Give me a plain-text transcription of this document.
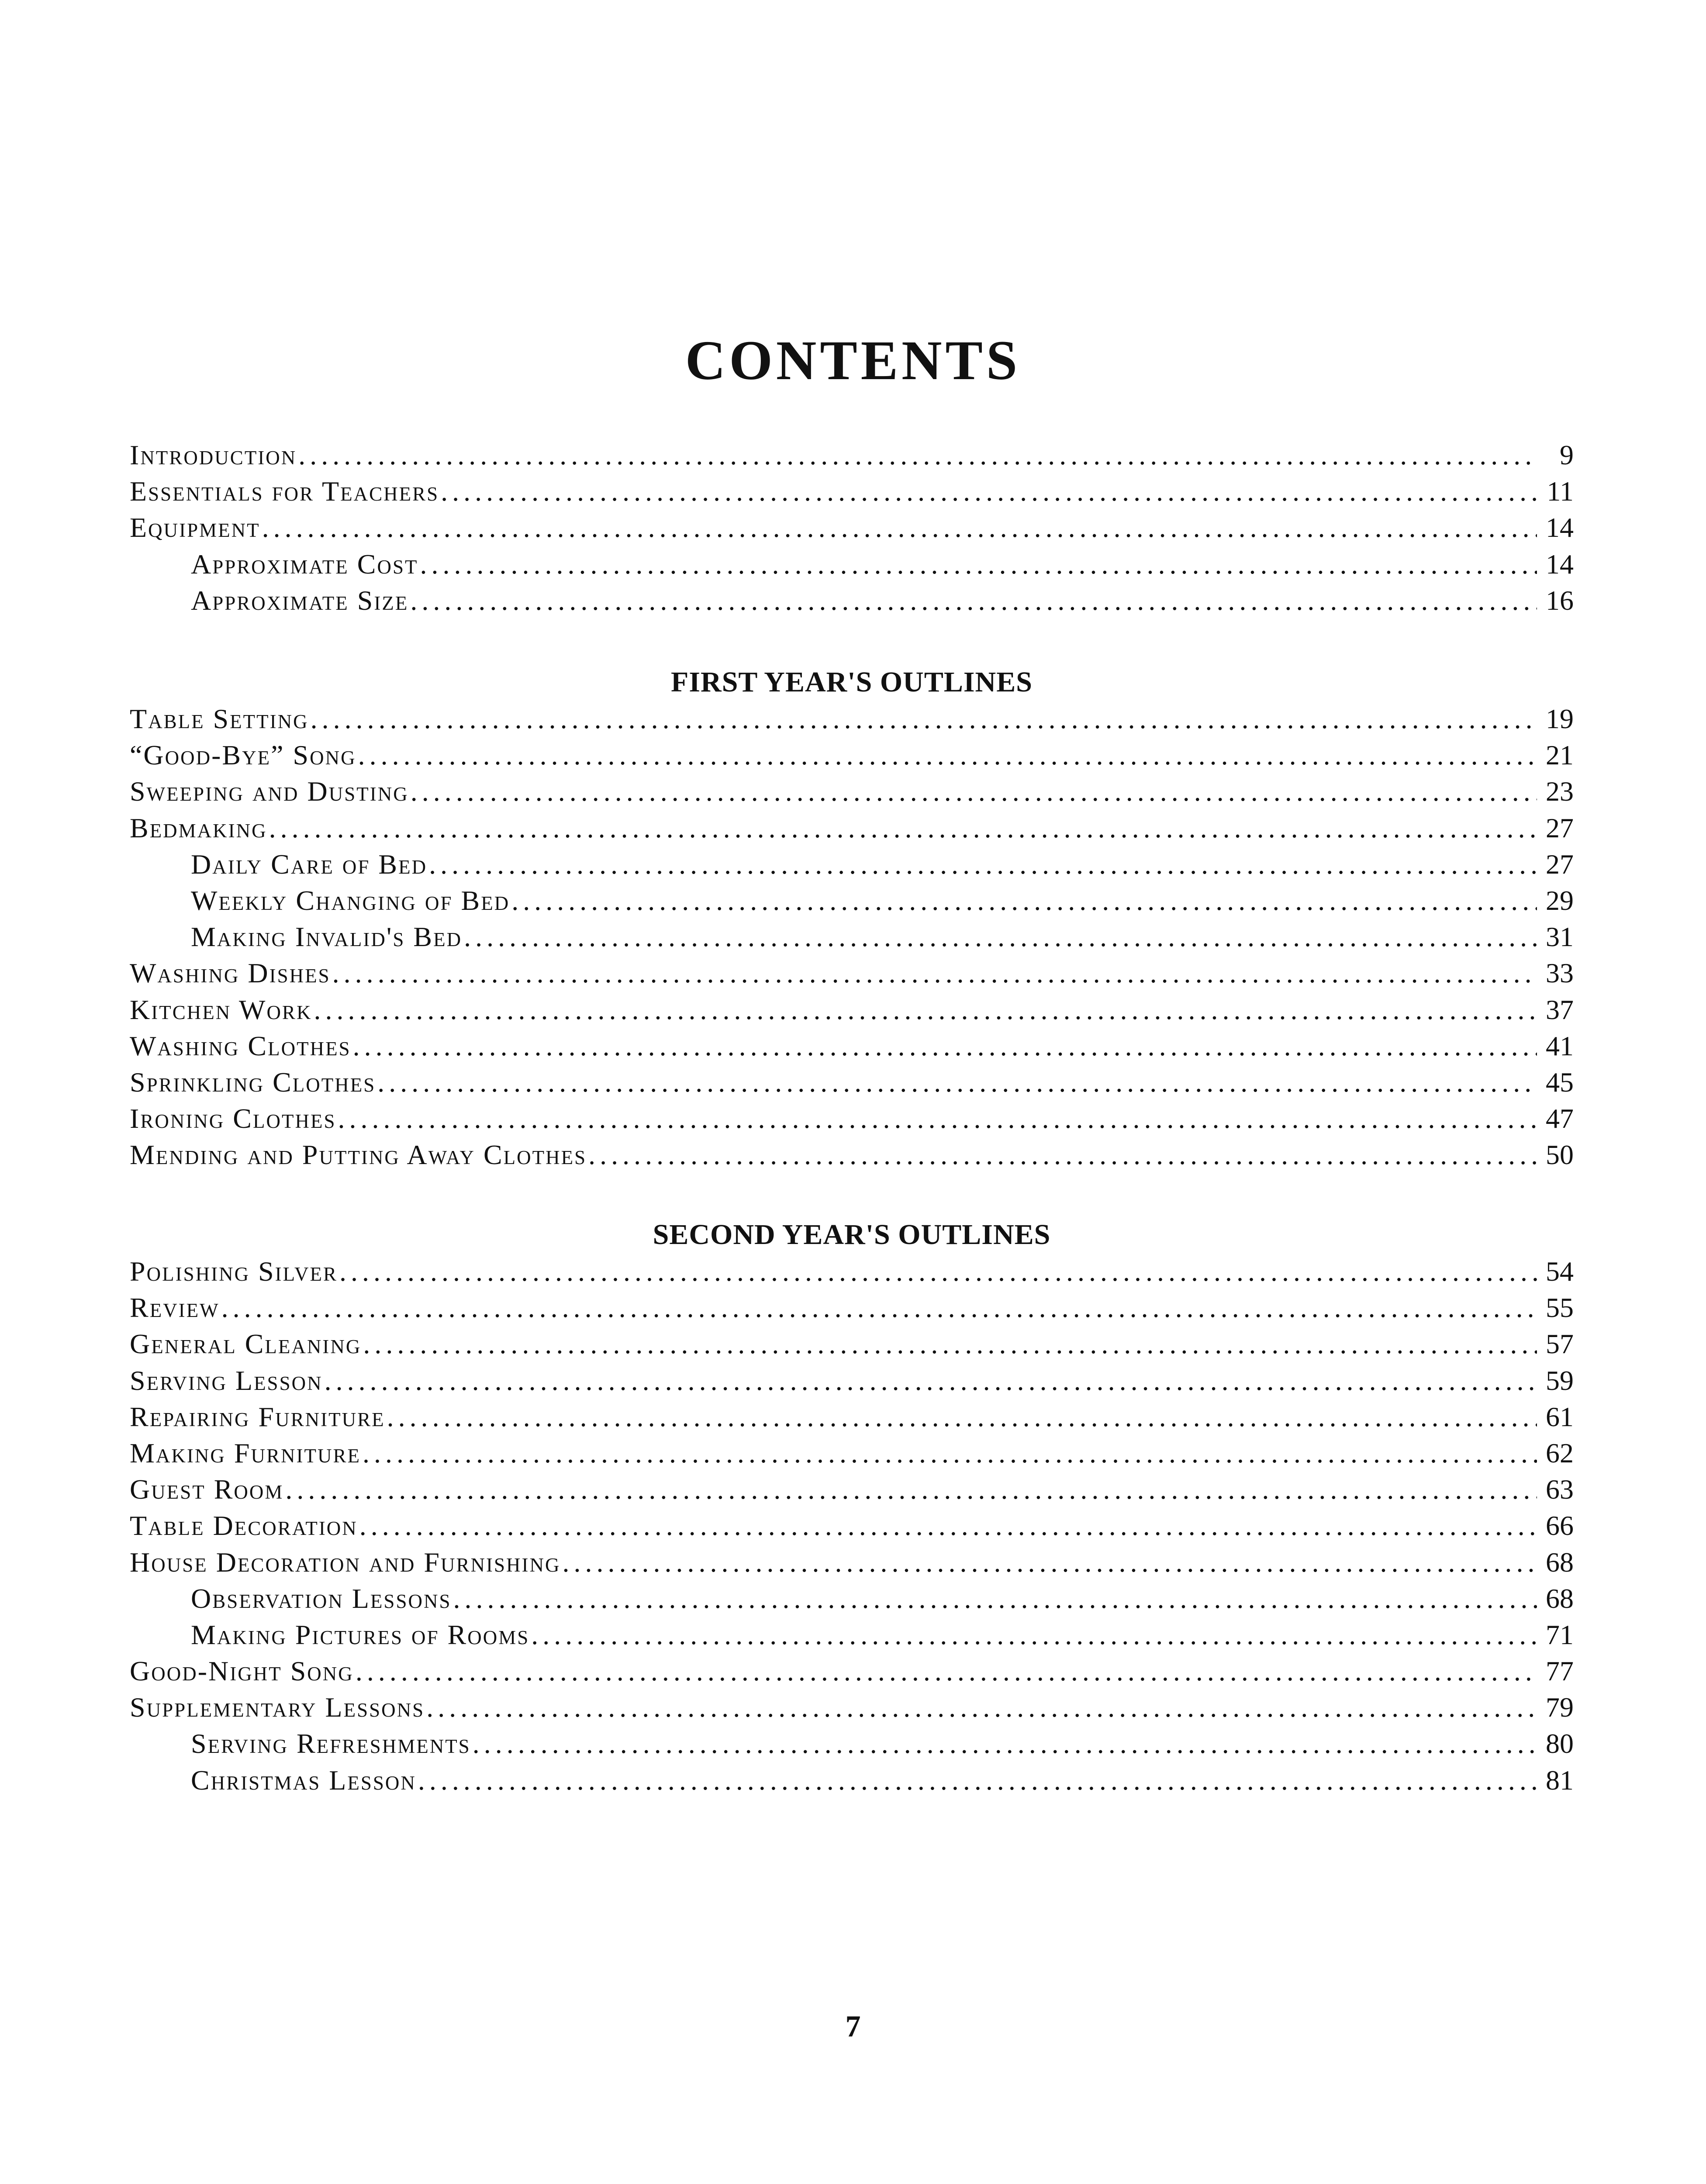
CONTENTS
Introduction .....	9
Essentials for Teachers .....	11
Equipment .....	14
Approximate Cost .....	14
Approximate Size .....	16
FIRST YEAR'S OUTLINES
Table Setting .....	19
“Good-Bye” Song .....	21
Sweeping and Dusting .....	23
Bedmaking .....	27
Daily Care of Bed .....	27
Weekly Changing of Bed .....	29
Making Invalid's Bed .....	31
Washing Dishes .....	33
Kitchen Work .....	37
Washing Clothes .....	41
Sprinkling Clothes .....	45
Ironing Clothes .....	47
Mending and Putting Away Clothes .....	50
SECOND YEAR'S OUTLINES
Polishing Silver .....	54
Review .....	55
General Cleaning .....	57
Serving Lesson .....	59
Repairing Furniture .....	61
Making Furniture .....	62
Guest Room .....	63
Table Decoration .....	66
House Decoration and Furnishing .....	68
Observation Lessons .....	68
Making Pictures of Rooms .....	71
Good-Night Song .....	77
Supplementary Lessons .....	79
Serving Refreshments .....	80
Christmas Lesson .....	81
7
